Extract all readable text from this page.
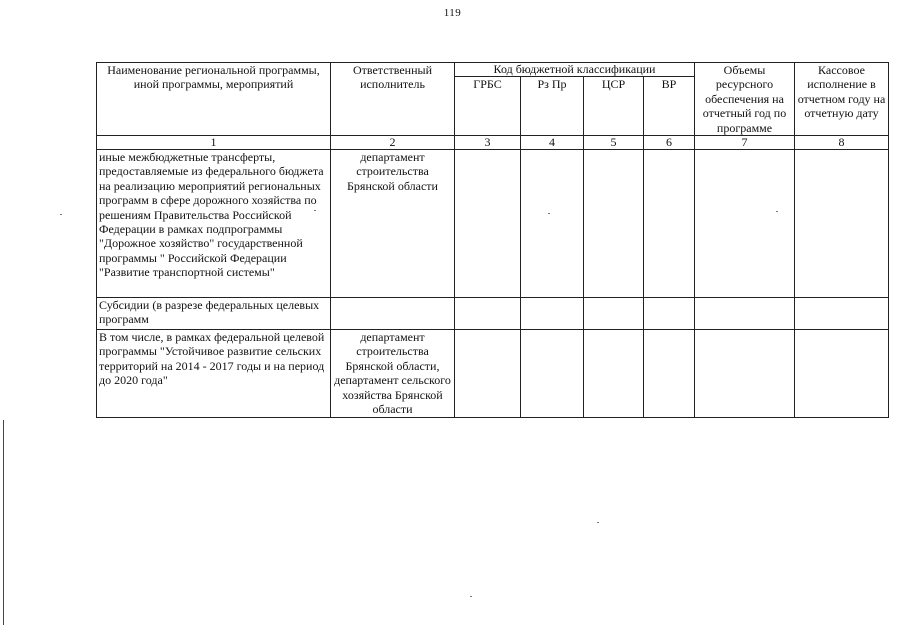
119
Наименование региональной программы, иной программы, мероприятий	Ответственный исполнитель	Код бюджетной классификации				Объемы ресурсного обеспечения на отчетный год по программе	Кассовое исполнение в отчетном году на отчетную дату
		ГРБС	Рз Пр	ЦСР	ВР		
1	2	3	4	5	6	7	8
иные межбюджетные трансферты, предоставляемые из федерального бюджета на реализацию мероприятий региональных программ в сфере дорожного хозяйства по решениям Правительства Российской Федерации в рамках подпрограммы "Дорожное хозяйство" государственной программы " Российской Федерации "Развитие транспортной системы"	департамент строительства Брянской области						
Субсидии (в разрезе федеральных целевых программ							
В том числе, в рамках федеральной целевой программы "Устойчивое развитие сельских территорий на 2014 - 2017 годы и на период до 2020 года"	департамент строительства Брянской области, департамент сельского хозяйства Брянской области						
